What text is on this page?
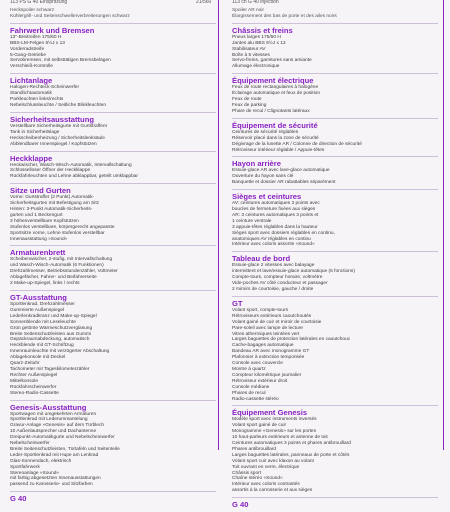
113 PS G 40 Einspritzung	21/560	113 ch G 40 injection
Heckspoiler schwarz
Kühlergrill- und Seitenschwellerverbreiterungen schwarz
Fahrwerk und Bremsen
13"-Breitreifen 175/60 H
BBS-LM-Felgen 5½J x 13
Vorderradstreife
5-Gang-Getriebe
Servobremsen, mit selbsttätigen Bremsbelägen
Verschleiß-Kontrolle
Lichtanlage
Halogen-Rechteck-Scheinwerfer
Standlichtautomatik
Parkleuchten links/rechts
Nebelschlussleuchte / Seitliche Blinkleuchten
Sicherheitsausstattung
Verstellbare Sicherheitsgurte mit Gurtstraffern
Tank in Sicherheitslage
Heckscheibenheizung / Sicherheitslenksäule
Abblendbarer Innenspiegel / Kopfstützen
Heckklappe
Heckwischer, Wasch-Wisch-Automatik, Intervallschaltung
Schlüsselloser Öffner der Heckklappe
Rückfahrleuchten und Lehne abklappbar, geteilt umklappbar
Sitze und Gurten
Vorne: Gurtstraffer (2 Punkt) Automatik-
Sicherheitsgurten mit Befestigung am Sitz
Hinten: 3-Punkt Automatik-Sicherheits-
gurten und 1 Beckengurt
3 höhenverstellbare Kopfstützen
Stufenlos verstellbare, körpergerecht angepasste
Sportsitze vorne, Lehne stufenlos verstellbar
Innenausstattung »Sound«
Armaturenbrett
Scheibenwischer, 2-stufig, mit Intervallschaltung
und Wasch-Wisch-Automatik (6 Funktionen)
Drehzahlmesser, Betriebsstundenzähler, Voltmeter
Ablagefächer, Fahrer- und Beifahrerseite
2 Make-up-Spiegel, links / rechts
GT-Ausstattung
Sportlenkrad, Drehzahlmesser
Gummierte Außenspiegel
Lederlenkradkranz und Make-up-Spiegel
Sonnenblende mit Leseleuchte
Grün getönte Wärmeschutzverglasung
Breite Seitenschutzleisten aus Gummi
Gepäckraumabdeckung, automatisch
Heckblende mit GT-Schriftzug
Innenraumleuchte mit verzögerter Abschaltung
Ablagekonsole mit Deckel
Quarz-Zeituhr
Tachometer mit Tageskilometerzähler
Rechter Außenspiegel
Mittelkonsole
Rückfahrscheinwerfer
Stereo-Radio-Cassette
Genesis-Ausstattung
Sportwagen mit umgekehrten Armaturen
Sportlenkrad mit Lederummantelung
Gravur-Anlage »Genesis« auf dem Türblech
10 Außenlautsprecher und Dachantenne
Dreipunkt-Automatikgurte und Nebelscheinwerfer
Nebelscheinwerfer
Breite Seitenschutzleisten, Türtafeln und Seitenteile
Leder-Sportlenkrad mit Hupe am Lenkrad
Glas-Sonnendach, elektrisch
Sportfahrwerk
Stereoanlage »Sound«
mit farbig abgesetzten Innenausstattungen
passend zu Karosserie- und Sitzfarben
G 40
Spoiler AR noir
Élargissement des bas de porte et des ailes noirs
Châssis et freins
Pneus larges 175/60 H
Jantes alu BBS 5½J x 13
Stabilisateur AV
Boîte à 5 vitesses
Servo-freins, garnitures sans amiante
Allumage électronique
Équipement électrique
Feux de route rectangulaires à halogène
Éclairage automatique et feux de position
Feux de route
Feux de parking
Phare de recul / Clignotants latéraux
Équipement de sécurité
Ceintures de sécurité réglables
Réservoir placé dans la zone de sécurité
Dégivrage de la lunette AR / Colonne de direction de sécurité
Rétroviseur intérieur réglable / Appuie-têtes
Hayon arrière
Essuie-glace AR avec lave-glace automatique
Ouverture du hayon sans clé
Banquette et dossier AR rabattables séparément
Sièges et ceintures
AV: ceintures automatiques 3 points avec
boucles de fermeture fixées aux sièges
AR: 3 ceintures automatiques 3 points et
1 ceinture ventrale
3 appuie-têtes réglables dans la hauteur
Sièges sport avec dossiers réglables en continu,
anatomiques AV réglables en continu
Intérieur avec coloris assortis «Sound»
Tableau de bord
Essuie-glace 2 vitesses avec balayage
intermittent et lave/essuie-glace automatique (6 fonctions)
Compte-tours, compteur horaire, voltmètre
Vide-poches AV côté conducteur et passager
2 miroirs de courtoisie, gauche / droite
GT
Volant sport, compte-tours
Rétroviseurs extérieurs caoutchoutés
Volant gainé de cuir et miroir de courtoisie
Pare-soleil avec lampe de lecture
Vitres athermiques teintées vert
Larges baguettes de protection latérales en caoutchouc
Cache-bagages automatique
Bandeau AR avec monogramme GT
Plafonnier à extinction temporisée
Console avec couvercle
Montre à quartz
Compteur kilométrique journalier
Rétroviseur extérieur droit
Console médiane
Phares de recul
Radio-cassette stéréo
Équipement Genesis
Modèle sport avec instruments inversés
Volant sport gainé de cuir
Monogramme «Genesis» sur les portes
10 haut-parleurs extérieurs et antenne de toit
Ceintures automatiques 3 points et phares antibrouillard
Phares antibrouillard
Larges baguettes latérales, panneaux de porte et côtés
Volant sport cuir avec klaxon au volant
Toit ouvrant en verre, électrique
Châssis sport
Chaîne stéréo «Sound»
Intérieur avec coloris contrastés
assortis à la carrosserie et aux sièges
G 40
